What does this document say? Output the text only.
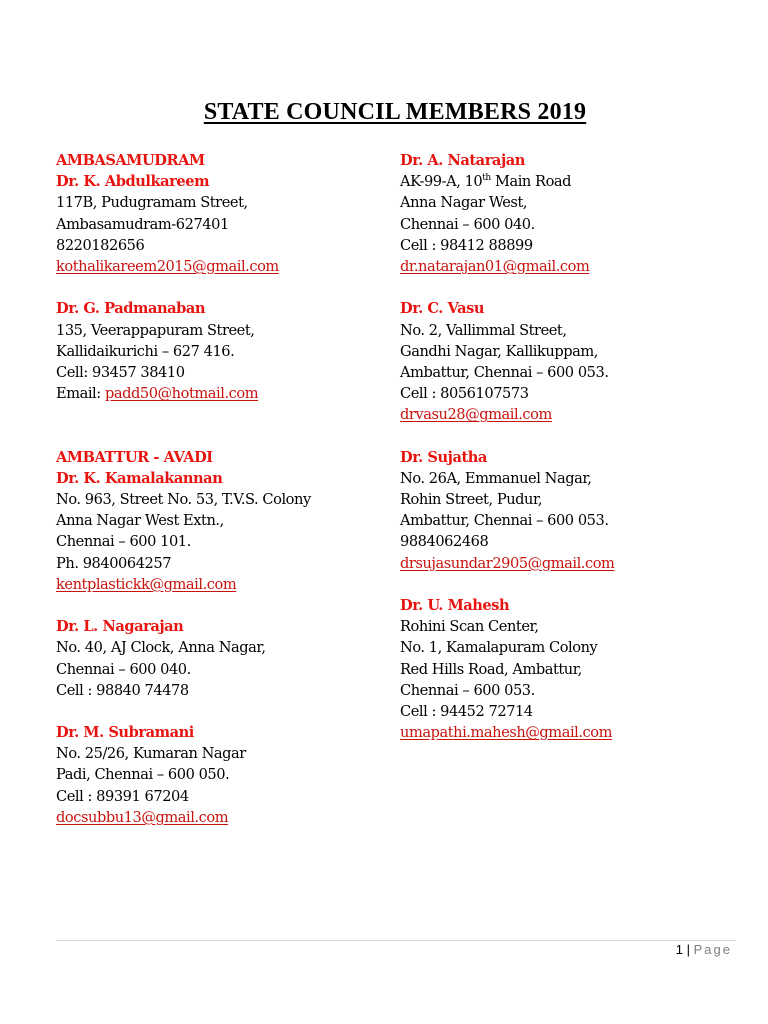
STATE COUNCIL MEMBERS 2019
AMBASAMUDRAM
Dr. K. Abdulkareem
117B, Pudugramam Street,
Ambasamudram-627401
8220182656
kothalikareem2015@gmail.com
Dr. G. Padmanaban
135, Veerappapuram Street,
Kallidaikurichi – 627 416.
Cell: 93457 38410
Email: padd50@hotmail.com
AMBATTUR - AVADI
Dr. K. Kamalakannan
No. 963, Street No. 53, T.V.S. Colony
Anna Nagar West Extn.,
Chennai – 600 101.
Ph. 9840064257
kentplastickk@gmail.com
Dr. L. Nagarajan
No. 40, AJ Clock, Anna Nagar,
Chennai – 600 040.
Cell : 98840 74478
Dr. M. Subramani
No. 25/26, Kumaran Nagar
Padi, Chennai – 600 050.
Cell : 89391 67204
docsubbu13@gmail.com
Dr. A. Natarajan
AK-99-A, 10th Main Road
Anna Nagar West,
Chennai – 600 040.
Cell : 98412 88899
dr.natarajan01@gmail.com
Dr. C. Vasu
No. 2, Vallimmal Street,
Gandhi Nagar, Kallikuppam,
Ambattur, Chennai – 600 053.
Cell : 8056107573
drvasu28@gmail.com
Dr. Sujatha
No. 26A, Emmanuel Nagar,
Rohin Street, Pudur,
Ambattur, Chennai – 600 053.
9884062468
drsujasundar2905@gmail.com
Dr. U. Mahesh
Rohini Scan Center,
No. 1, Kamalapuram Colony
Red Hills Road, Ambattur,
Chennai – 600 053.
Cell : 94452 72714
umapathi.mahesh@gmail.com
1 | Page
